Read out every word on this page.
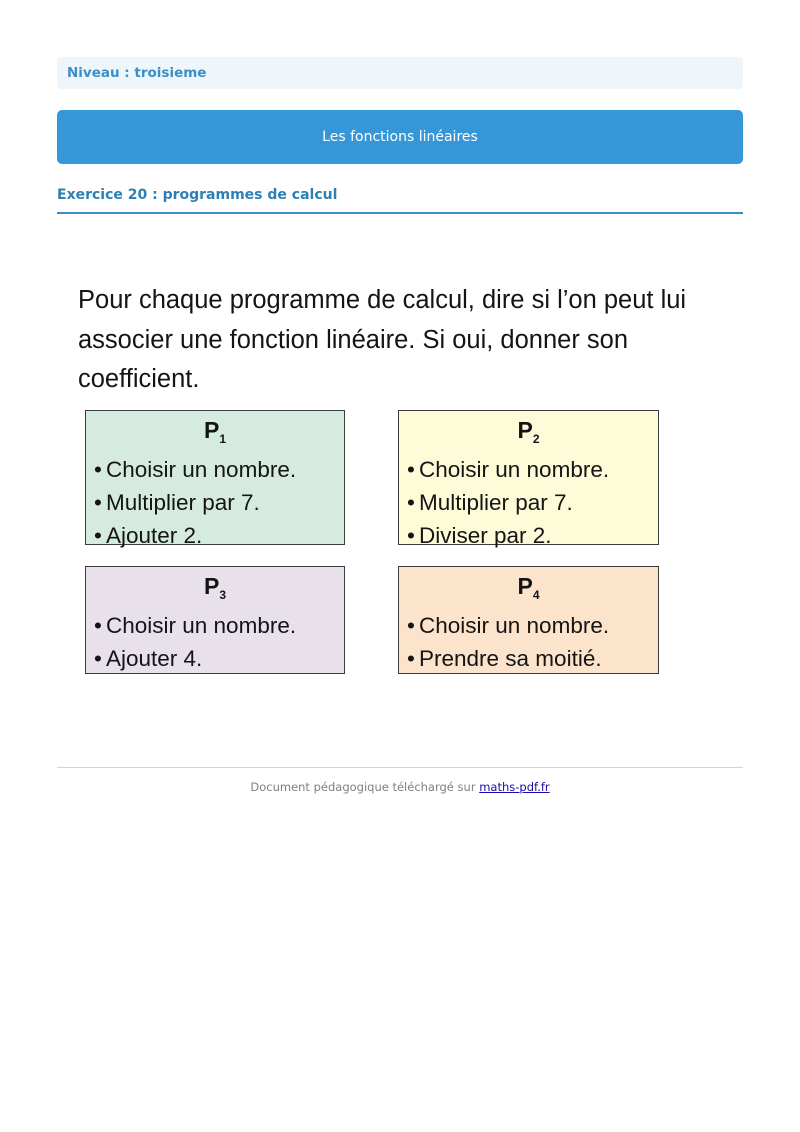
Niveau : troisieme
Les fonctions linéaires
Exercice 20 : programmes de calcul
Pour chaque programme de calcul, dire si l’on peut lui associer une fonction linéaire. Si oui, donner son coefficient.
$P_1$
• Choisir un nombre.
• Multiplier par 7.
• Ajouter 2.
$P_2$
• Choisir un nombre.
• Multiplier par 7.
• Diviser par 2.
$P_3$
• Choisir un nombre.
• Ajouter 4.
$P_4$
• Choisir un nombre.
• Prendre sa moitié.
Document pédagogique téléchargé sur maths-pdf.fr
